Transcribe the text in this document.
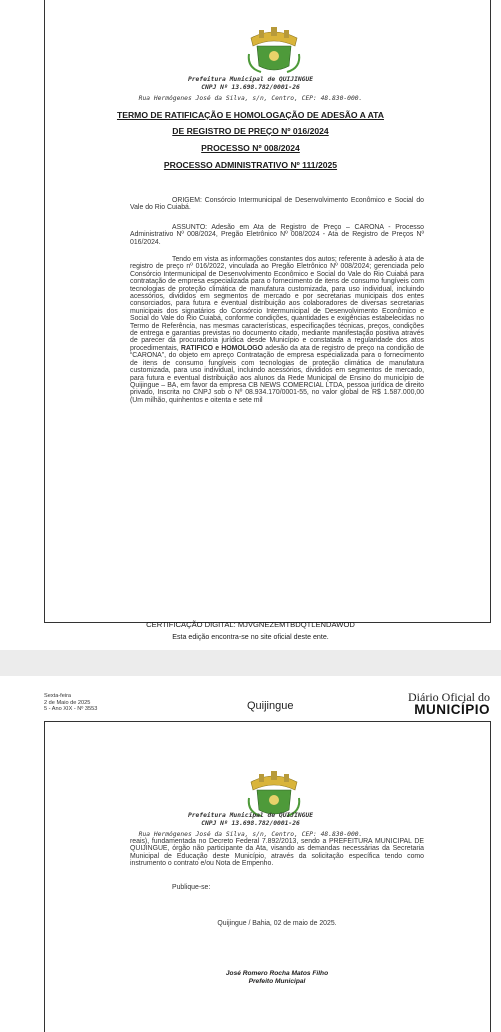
Prefeitura Municipal de QUIJINGUE
CNPJ Nº 13.698.782/0001-26
Rua Hermógenes José da Silva, s/n, Centro, CEP: 48.830-000.
TERMO DE RATIFICAÇÃO E HOMOLOGAÇÃO DE ADESÃO A ATA
DE REGISTRO DE PREÇO Nº 016/2024
PROCESSO Nº 008/2024
PROCESSO ADMINISTRATIVO Nº 111/2025

ORIGEM: Consórcio Intermunicipal de Desenvolvimento Econômico e Social do Vale do Rio Cuiabá.

ASSUNTO: Adesão em Ata de Registro de Preço – CARONA - Processo Administrativo Nº 008/2024, Pregão Eletrônico Nº 008/2024 - Ata de Registro de Preços Nº 016/2024.

Tendo em vista as informações constantes dos autos; referente à adesão à ata de registro de preço nº 016/2022, vinculada ao Pregão Eletrônico Nº 008/2024; gerenciada pelo Consórcio Intermunicipal de Desenvolvimento Econômico e Social do Vale do Rio Cuiabá para contratação de empresa especializada para o fornecimento de itens de consumo fungíveis com tecnologias de proteção climática de manufatura customizada, para uso individual, incluindo acessórios, divididos em segmentos de mercado e por secretarias municipais dos entes consorciados, para futura e eventual distribuição aos colaboradores de diversas secretarias municipais dos signatários do Consórcio Intermunicipal de Desenvolvimento Econômico e Social do Vale do Rio Cuiabá, conforme condições, quantidades e exigências estabelecidas no Termo de Referência, nas mesmas características, especificações técnicas, preços, condições de entrega e garantias previstas no documento citado, mediante manifestação positiva através de parecer da procuradoria jurídica desde Município e constatada a regularidade dos atos procedimentais, RATIFICO e HOMOLOGO adesão da ata de registro de preço na condição de “CARONA”, do objeto em apreço Contratação de empresa especializada para o fornecimento de itens de consumo fungíveis com tecnologias de proteção climática de manufatura customizada, para uso individual, incluindo acessórios, divididos em segmentos de mercado, para futura e eventual distribuição aos alunos da Rede Municipal de Ensino do município de Quijingue – BA, em favor da empresa CB NEWS COMERCIAL LTDA, pessoa jurídica de direito privado, Inscrita no CNPJ sob o Nº 08.934.170/0001-55, no valor global de R$ 1.587.000,00 (Um milhão, quinhentos e oitenta e sete mil

CERTIFICAÇÃO DIGITAL: MJVGNEZEMTBDQTLENDAWOD
Esta edição encontra-se no site oficial deste ente.
Sexta-feira
2 de Maio de 2025
5 - Ano XIX - Nº 3553	Quijingue
Diário Oficial do
MUNICÍPIO
Prefeitura Municipal de QUIJINGUE
CNPJ Nº 13.698.782/0001-26
Rua Hermógenes José da Silva, s/n, Centro, CEP: 48.830-000.

reais), fundamentada no Decreto Federal 7.892/2013, sendo a PREFEITURA MUNICIPAL DE QUIJINGUE, órgão não participante da Ata, visando as demandas necessárias da Secretaria Municipal de Educação deste Município, através da solicitação específica tendo como instrumento o contrato e/ou Nota de Empenho.

Publique-se:
Quijingue / Bahia, 02 de maio de 2025.
José Romero Rocha Matos Filho
Prefeito Municipal
